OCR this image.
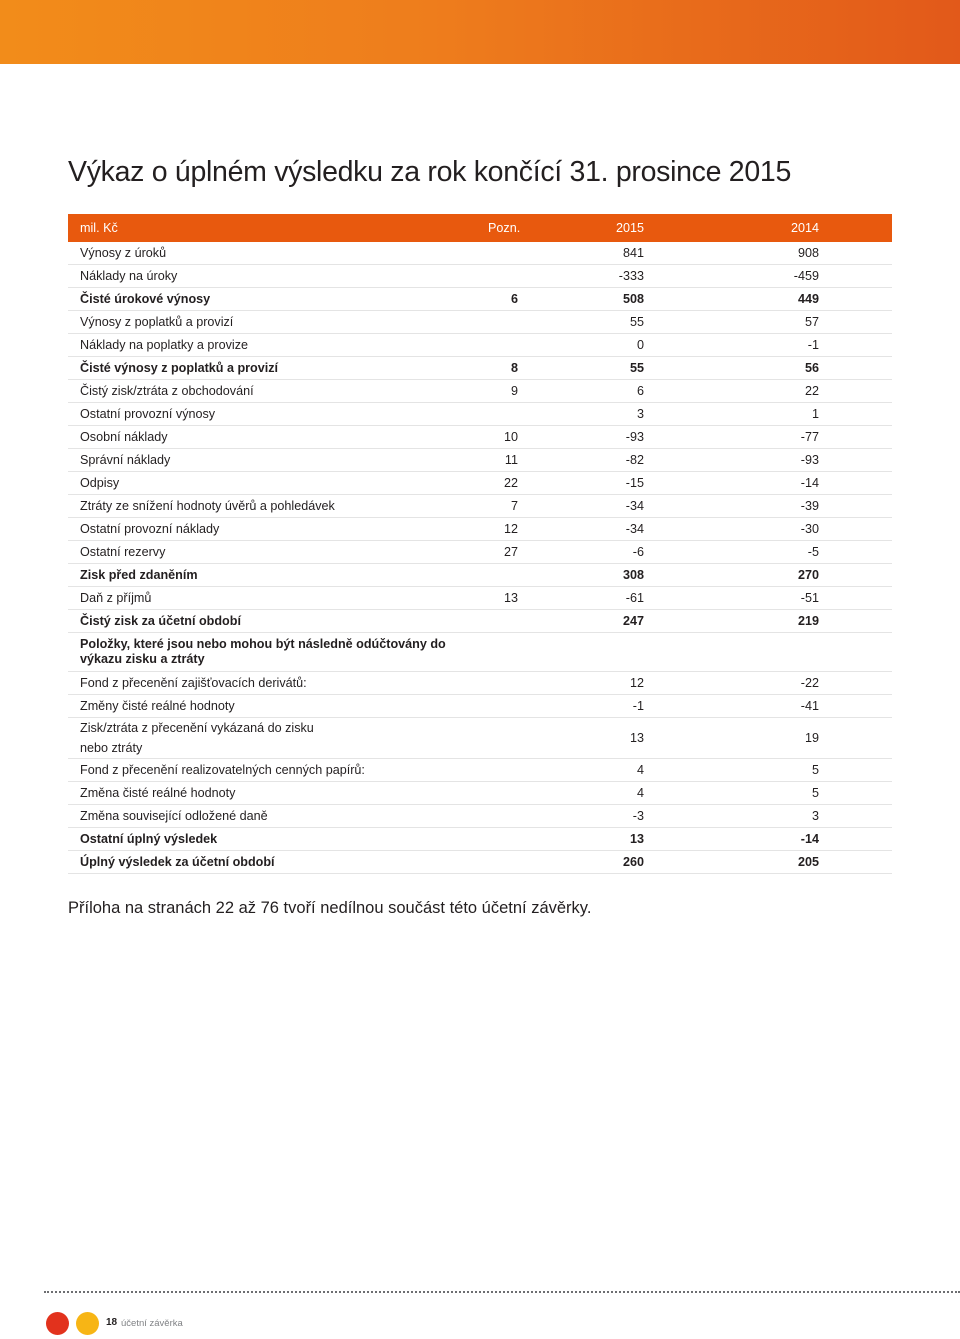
Výkaz o úplném výsledku za rok končící 31. prosince 2015
mil. Kč	Pozn.	2015	2014	
Výnosy z úroků		841	908	
Náklady na úroky		-333	-459	
Čisté úrokové výnosy	6	508	449	
Výnosy z poplatků a provizí		55	57	
Náklady na poplatky a provize		0	-1	
Čisté výnosy z poplatků a provizí	8	55	56	
Čistý zisk/ztráta z obchodování	9	6	22	
Ostatní provozní výnosy		3	1	
Osobní náklady	10	-93	-77	
Správní náklady	11	-82	-93	
Odpisy	22	-15	-14	
Ztráty ze snížení hodnoty úvěrů a pohledávek	7	-34	-39	
Ostatní provozní náklady	12	-34	-30	
Ostatní rezervy	27	-6	-5	
Zisk před zdaněním		308	270	
Daň z příjmů	13	-61	-51	
Čistý zisk za účetní období		247	219	
Položky, které jsou nebo mohou být následně odúčtovány do výkazu zisku a ztráty				
Fond z přecenění zajišťovacích derivátů:		12	-22	
Změny čisté reálné hodnoty		-1	-41	
Zisk/ztráta z přecenění vykázaná do zisku nebo ztráty		13	19	
Fond z přecenění realizovatelných cenných papírů:		4	5	
Změna čisté reálné hodnoty		4	5	
Změna související odložené daně		-3	3	
Ostatní úplný výsledek		13	-14	
Úplný výsledek za účetní období		260	205	

Příloha na stranách 22 až 76 tvoří nedílnou součást této účetní závěrky.

18 účetní závěrka
